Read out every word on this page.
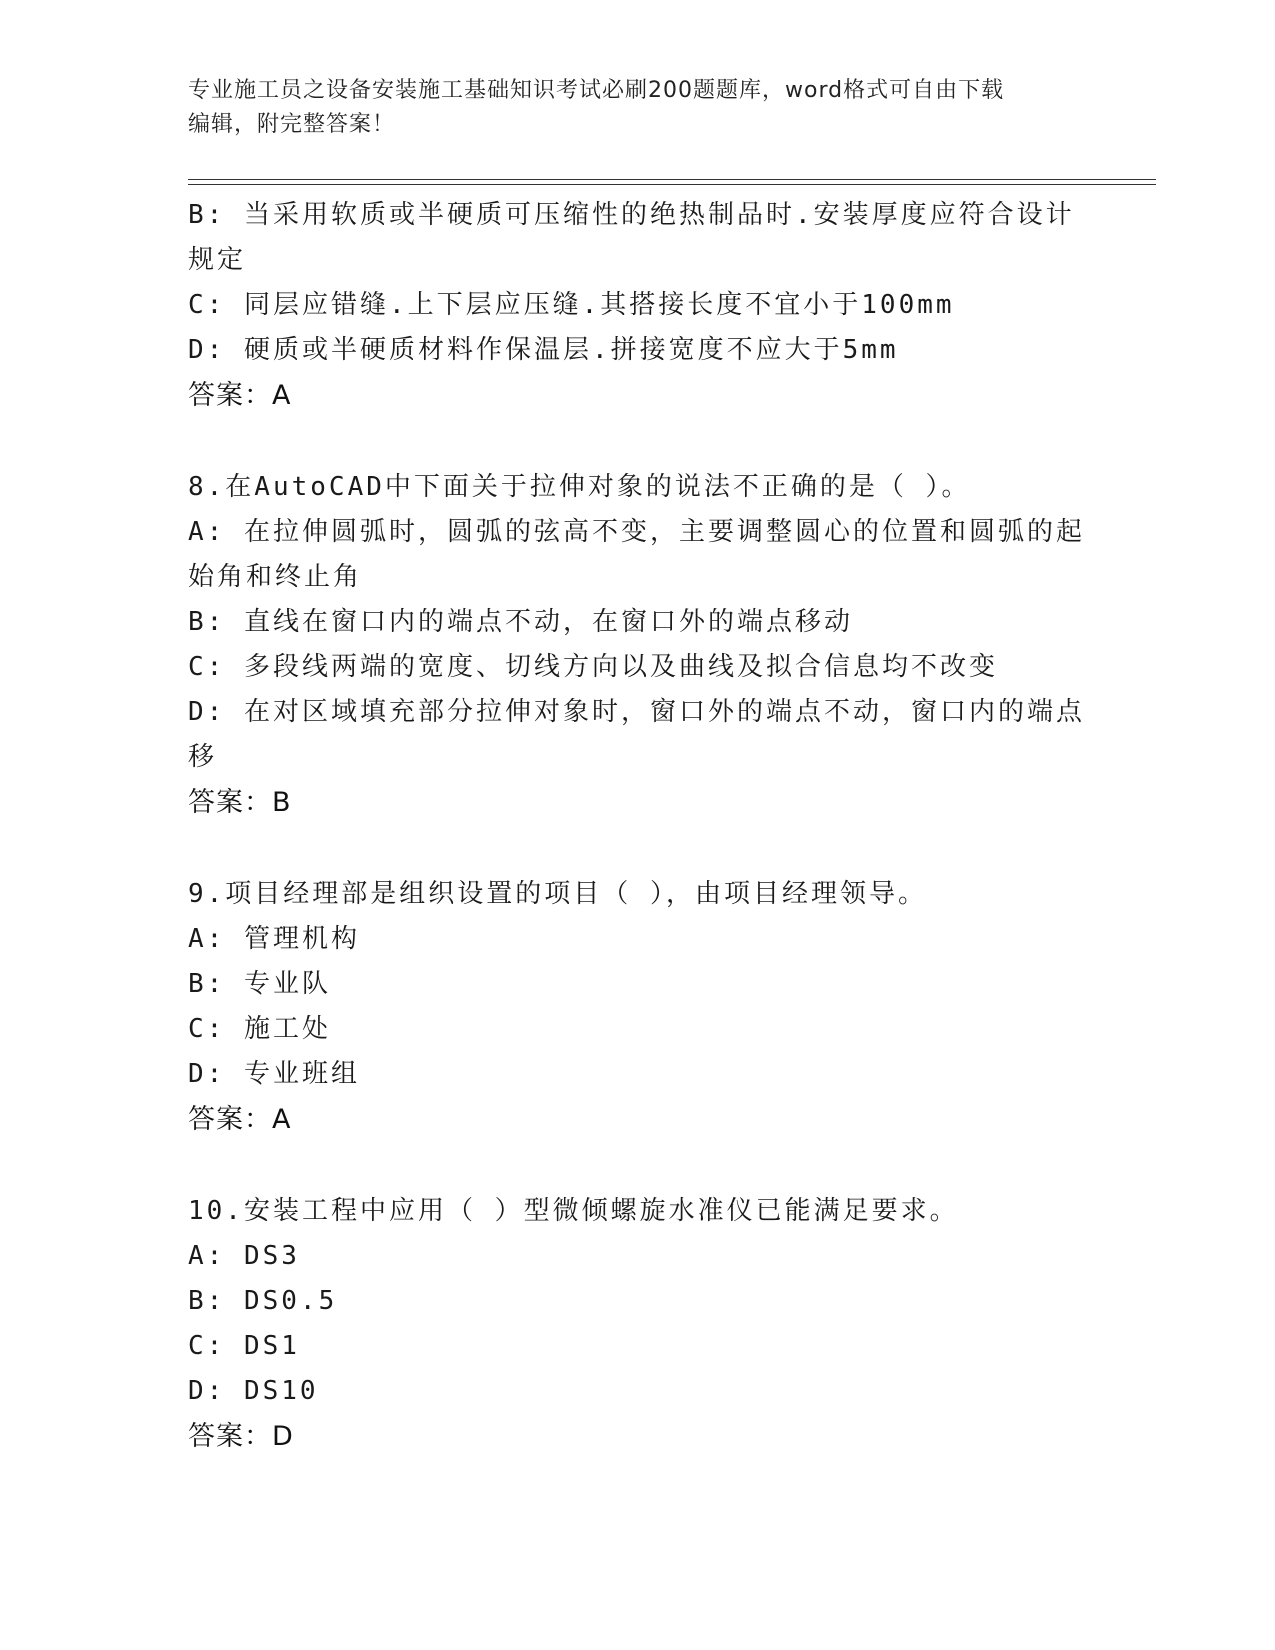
专业施工员之设备安装施工基础知识考试必刷200题题库，word格式可自由下载
编辑，附完整答案！
B: 当采用软质或半硬质可压缩性的绝热制品时.安装厚度应符合设计
规定
C: 同层应错缝.上下层应压缝.其搭接长度不宜小于100mm
D: 硬质或半硬质材料作保温层.拼接宽度不应大于5mm
答案：A
8.在AutoCAD中下面关于拉伸对象的说法不正确的是（ ）。
A: 在拉伸圆弧时，圆弧的弦高不变，主要调整圆心的位置和圆弧的起
始角和终止角
B: 直线在窗口内的端点不动，在窗口外的端点移动
C: 多段线两端的宽度、切线方向以及曲线及拟合信息均不改变
D: 在对区域填充部分拉伸对象时，窗口外的端点不动，窗口内的端点
移
答案：B
9.项目经理部是组织设置的项目（ ），由项目经理领导。
A: 管理机构
B: 专业队
C: 施工处
D: 专业班组
答案：A
10.安装工程中应用（ ）型微倾螺旋水准仪已能满足要求。
A: DS3
B: DS0.5
C: DS1
D: DS10
答案：D
